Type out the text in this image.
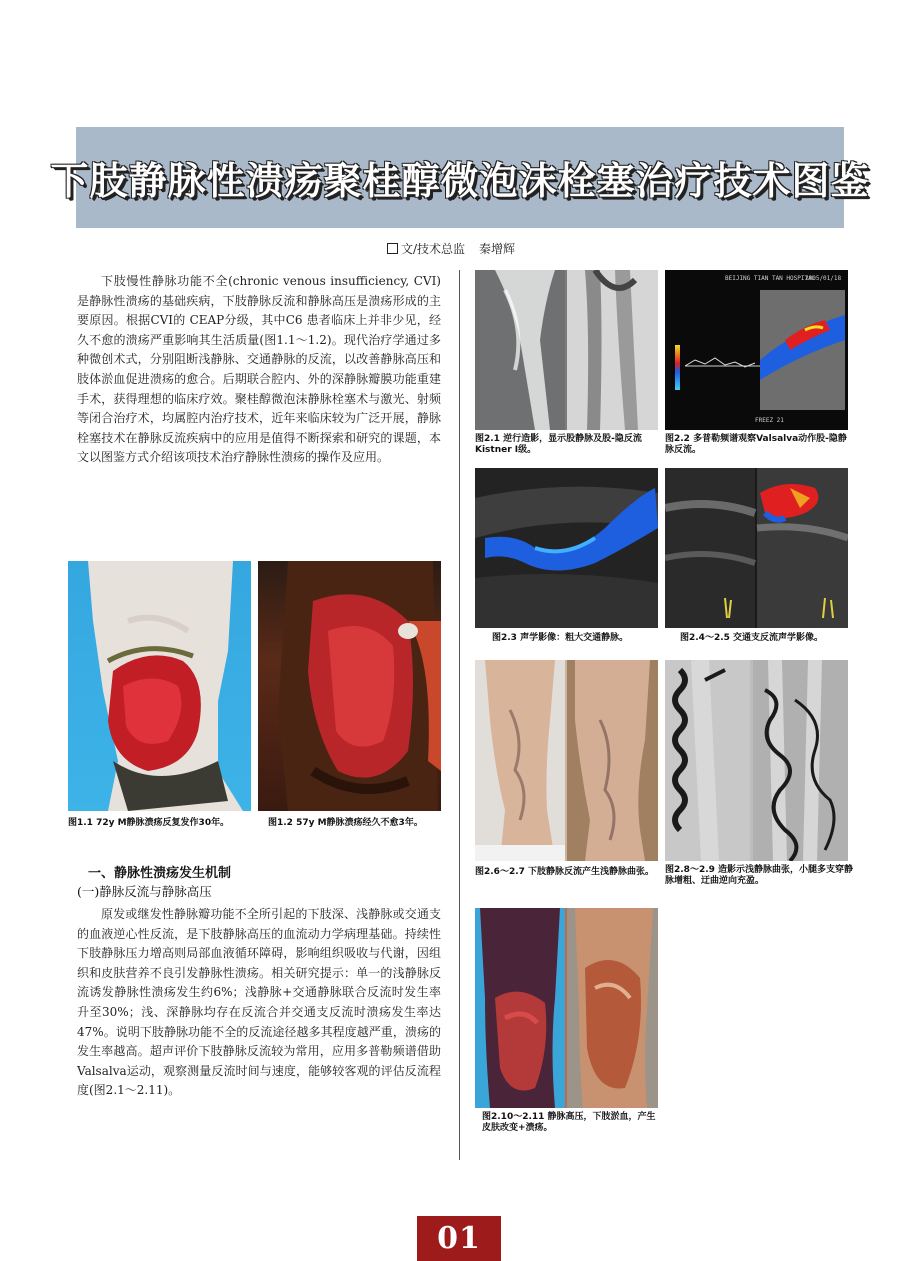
下肢静脉性溃疡聚桂醇微泡沫栓塞治疗技术图鉴
文/技术总监 秦增辉

下肢慢性静脉功能不全(chronic venous insufficiency, CVI)是静脉性溃疡的基础疾病，下肢静脉反流和静脉高压是溃疡形成的主要原因。根据CVI的 CEAP分级，其中C6 患者临床上并非少见，经久不愈的溃疡严重影响其生活质量(图1.1～1.2)。现代治疗学通过多种微创术式，分别阻断浅静脉、交通静脉的反流，以改善静脉高压和肢体淤血促进溃疡的愈合。后期联合腔内、外的深静脉瓣膜功能重建手术，获得理想的临床疗效。聚桂醇微泡沫静脉栓塞术与激光、射频等闭合治疗术，均属腔内治疗技术，近年来临床较为广泛开展，静脉栓塞技术在静脉反流疾病中的应用是值得不断探索和研究的课题，本文以图鉴方式介绍该项技术治疗静脉性溃疡的操作及应用。

图1.1 72y M静脉溃疡反复发作30年。	图1.2 57y M静脉溃疡经久不愈3年。
一、静脉性溃疡发生机制
(一)静脉反流与静脉高压

原发或继发性静脉瓣功能不全所引起的下肢深、浅静脉或交通支的血液逆心性反流，是下肢静脉高压的血流动力学病理基础。持续性下肢静脉压力增高则局部血液循环障碍，影响组织吸收与代谢，因组织和皮肤营养不良引发静脉性溃疡。相关研究提示：单一的浅静脉反流诱发静脉性溃疡发生约6%；浅静脉+交通静脉联合反流时发生率升至30%；浅、深静脉均存在反流合并交通支反流时溃疡发生率达47%。说明下肢静脉功能不全的反流途径越多其程度越严重，溃疡的发生率越高。超声评价下肢静脉反流较为常用，应用多普勒频谱借助Valsalva运动，观察测量反流时间与速度，能够较客观的评估反流程度(图2.1～2.11)。

图2.1 逆行造影，显示股静脉及股-隐反流Kistner Ⅰ级。
BEIJING TIAN TAN HOSPITAL
2005/01/18
FREEZ 21
图2.2 多普勒频谱观察Valsalva动作股-隐静脉反流。
图2.3 声学影像：粗大交通静脉。	图2.4～2.5 交通支反流声学影像。
图2.6～2.7 下肢静脉反流产生浅静脉曲张。	图2.8～2.9 造影示浅静脉曲张，小腿多支穿静脉增粗、迂曲逆向充盈。
图2.10～2.11 静脉高压，下肢淤血，产生皮肤改变+溃疡。
01
